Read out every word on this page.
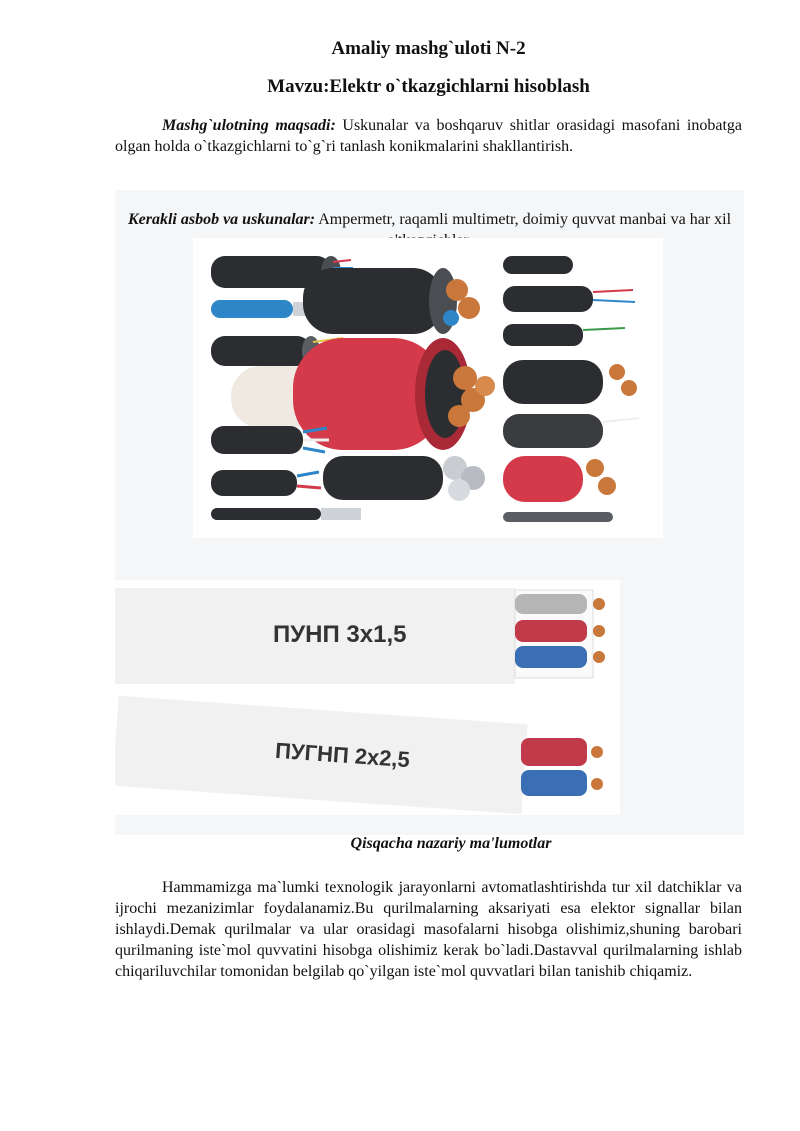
Amaliy mashg`uloti N-2
Mavzu:Elektr o`tkazgichlarni hisoblash

Mashg`ulotning maqsadi: Uskunalar va boshqaruv shitlar orasidagi masofani inobatga olgan holda o`tkazgichlarni to`g`ri tanlash konikmalarini shakllantirish.

Kerakli asbob va uskunalar: Ampermetr, raqamli multimetr, doimiy quvvat manbai va har xil

ПУНП 3х1,5
ПУГНП 2х2,5
Qisqacha nazariy ma'lumotlar

Hammamizga ma`lumki texnologik jarayonlarni avtomatlashtirishda tur xil datchiklar va ijrochi mezanizimlar foydalanamiz.Bu qurilmalarning aksariyati esa elektor signallar bilan ishlaydi.Demak qurilmalar va ular orasidagi masofalarni hisobga olishimiz,shuning barobari qurilmaning iste`mol quvvatini hisobga olishimiz kerak bo`ladi.Dastavval qurilmalarning ishlab chiqariluvchilar tomonidan belgilab qo`yilgan iste`mol quvvatlari bilan tanishib chiqamiz.
